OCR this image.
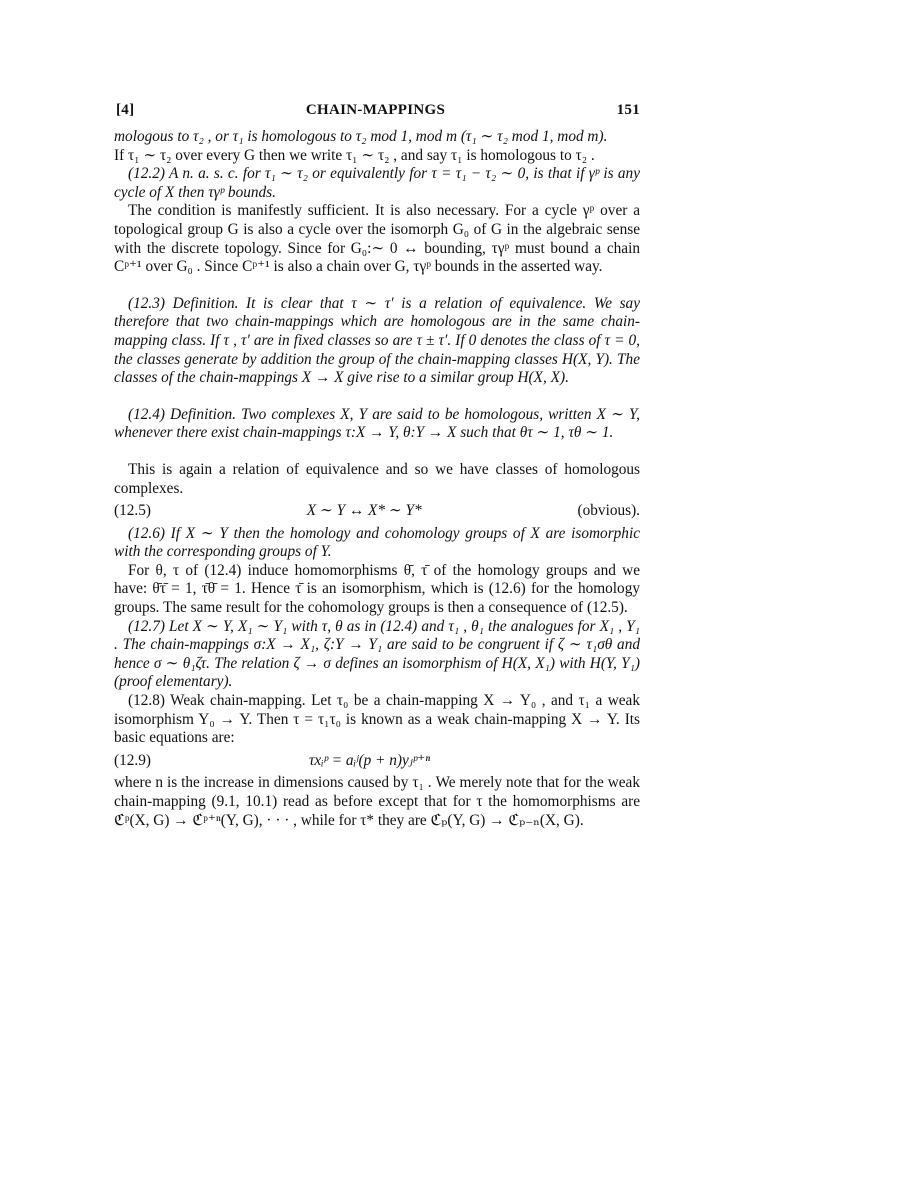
[4]	CHAIN-MAPPINGS	151

mologous to τ₂ , or τ₁ is homologous to τ₂ mod 1, mod m (τ₁ ∼ τ₂ mod 1, mod m).

If τ₁ ∼ τ₂ over every G then we write τ₁ ∼ τ₂ , and say τ₁ is homologous to τ₂ .

(12.2) A n. a. s. c. for τ₁ ∼ τ₂ or equivalently for τ = τ₁ − τ₂ ∼ 0, is that if γᵖ is any cycle of X then τγᵖ bounds.

The condition is manifestly sufficient. It is also necessary. For a cycle γᵖ over a topological group G is also a cycle over the isomorph G₀ of G in the algebraic sense with the discrete topology. Since for G₀:∼ 0 ↔ bounding, τγᵖ must bound a chain Cᵖ⁺¹ over G₀ . Since Cᵖ⁺¹ is also a chain over G, τγᵖ bounds in the asserted way.

(12.3) Definition. It is clear that τ ∼ τ′ is a relation of equivalence. We say therefore that two chain-mappings which are homologous are in the same chain-mapping class. If τ , τ′ are in fixed classes so are τ ± τ′. If 0 denotes the class of τ = 0, the classes generate by addition the group of the chain-mapping classes H(X, Y). The classes of the chain-mappings X → X give rise to a similar group H(X, X).

(12.4) Definition. Two complexes X, Y are said to be homologous, written X ∼ Y, whenever there exist chain-mappings τ:X → Y, θ:Y → X such that θτ ∼ 1, τθ ∼ 1.

This is again a relation of equivalence and so we have classes of homologous complexes.

(12.5)	X ∼ Y ↔ X* ∼ Y*	(obvious).

(12.6) If X ∼ Y then the homology and cohomology groups of X are isomorphic with the corresponding groups of Y.

For θ, τ of (12.4) induce homomorphisms θ̄, τ̄ of the homology groups and we have: θ̄τ̄ = 1, τ̄θ̄ = 1. Hence τ̄ is an isomorphism, which is (12.6) for the homology groups. The same result for the cohomology groups is then a consequence of (12.5).

(12.7) Let X ∼ Y, X₁ ∼ Y₁ with τ, θ as in (12.4) and τ₁ , θ₁ the analogues for X₁ , Y₁ . The chain-mappings σ:X → X₁, ζ:Y → Y₁ are said to be congruent if ζ ∼ τ₁σθ and hence σ ∼ θ₁ζτ. The relation ζ → σ defines an isomorphism of H(X, X₁) with H(Y, Y₁) (proof elementary).

(12.8) Weak chain-mapping. Let τ₀ be a chain-mapping X → Y₀ , and τ₁ a weak isomorphism Y₀ → Y. Then τ = τ₁τ₀ is known as a weak chain-mapping X → Y. Its basic equations are:

(12.9)	τxᵢᵖ = aᵢʲ(p + n)yⱼᵖ⁺ⁿ

where n is the increase in dimensions caused by τ₁ . We merely note that for the weak chain-mapping (9.1, 10.1) read as before except that for τ the homomorphisms are ℭᵖ(X, G) → ℭᵖ⁺ⁿ(Y, G), · · · , while for τ* they are ℭₚ(Y, G) → ℭₚ₋ₙ(X, G).
